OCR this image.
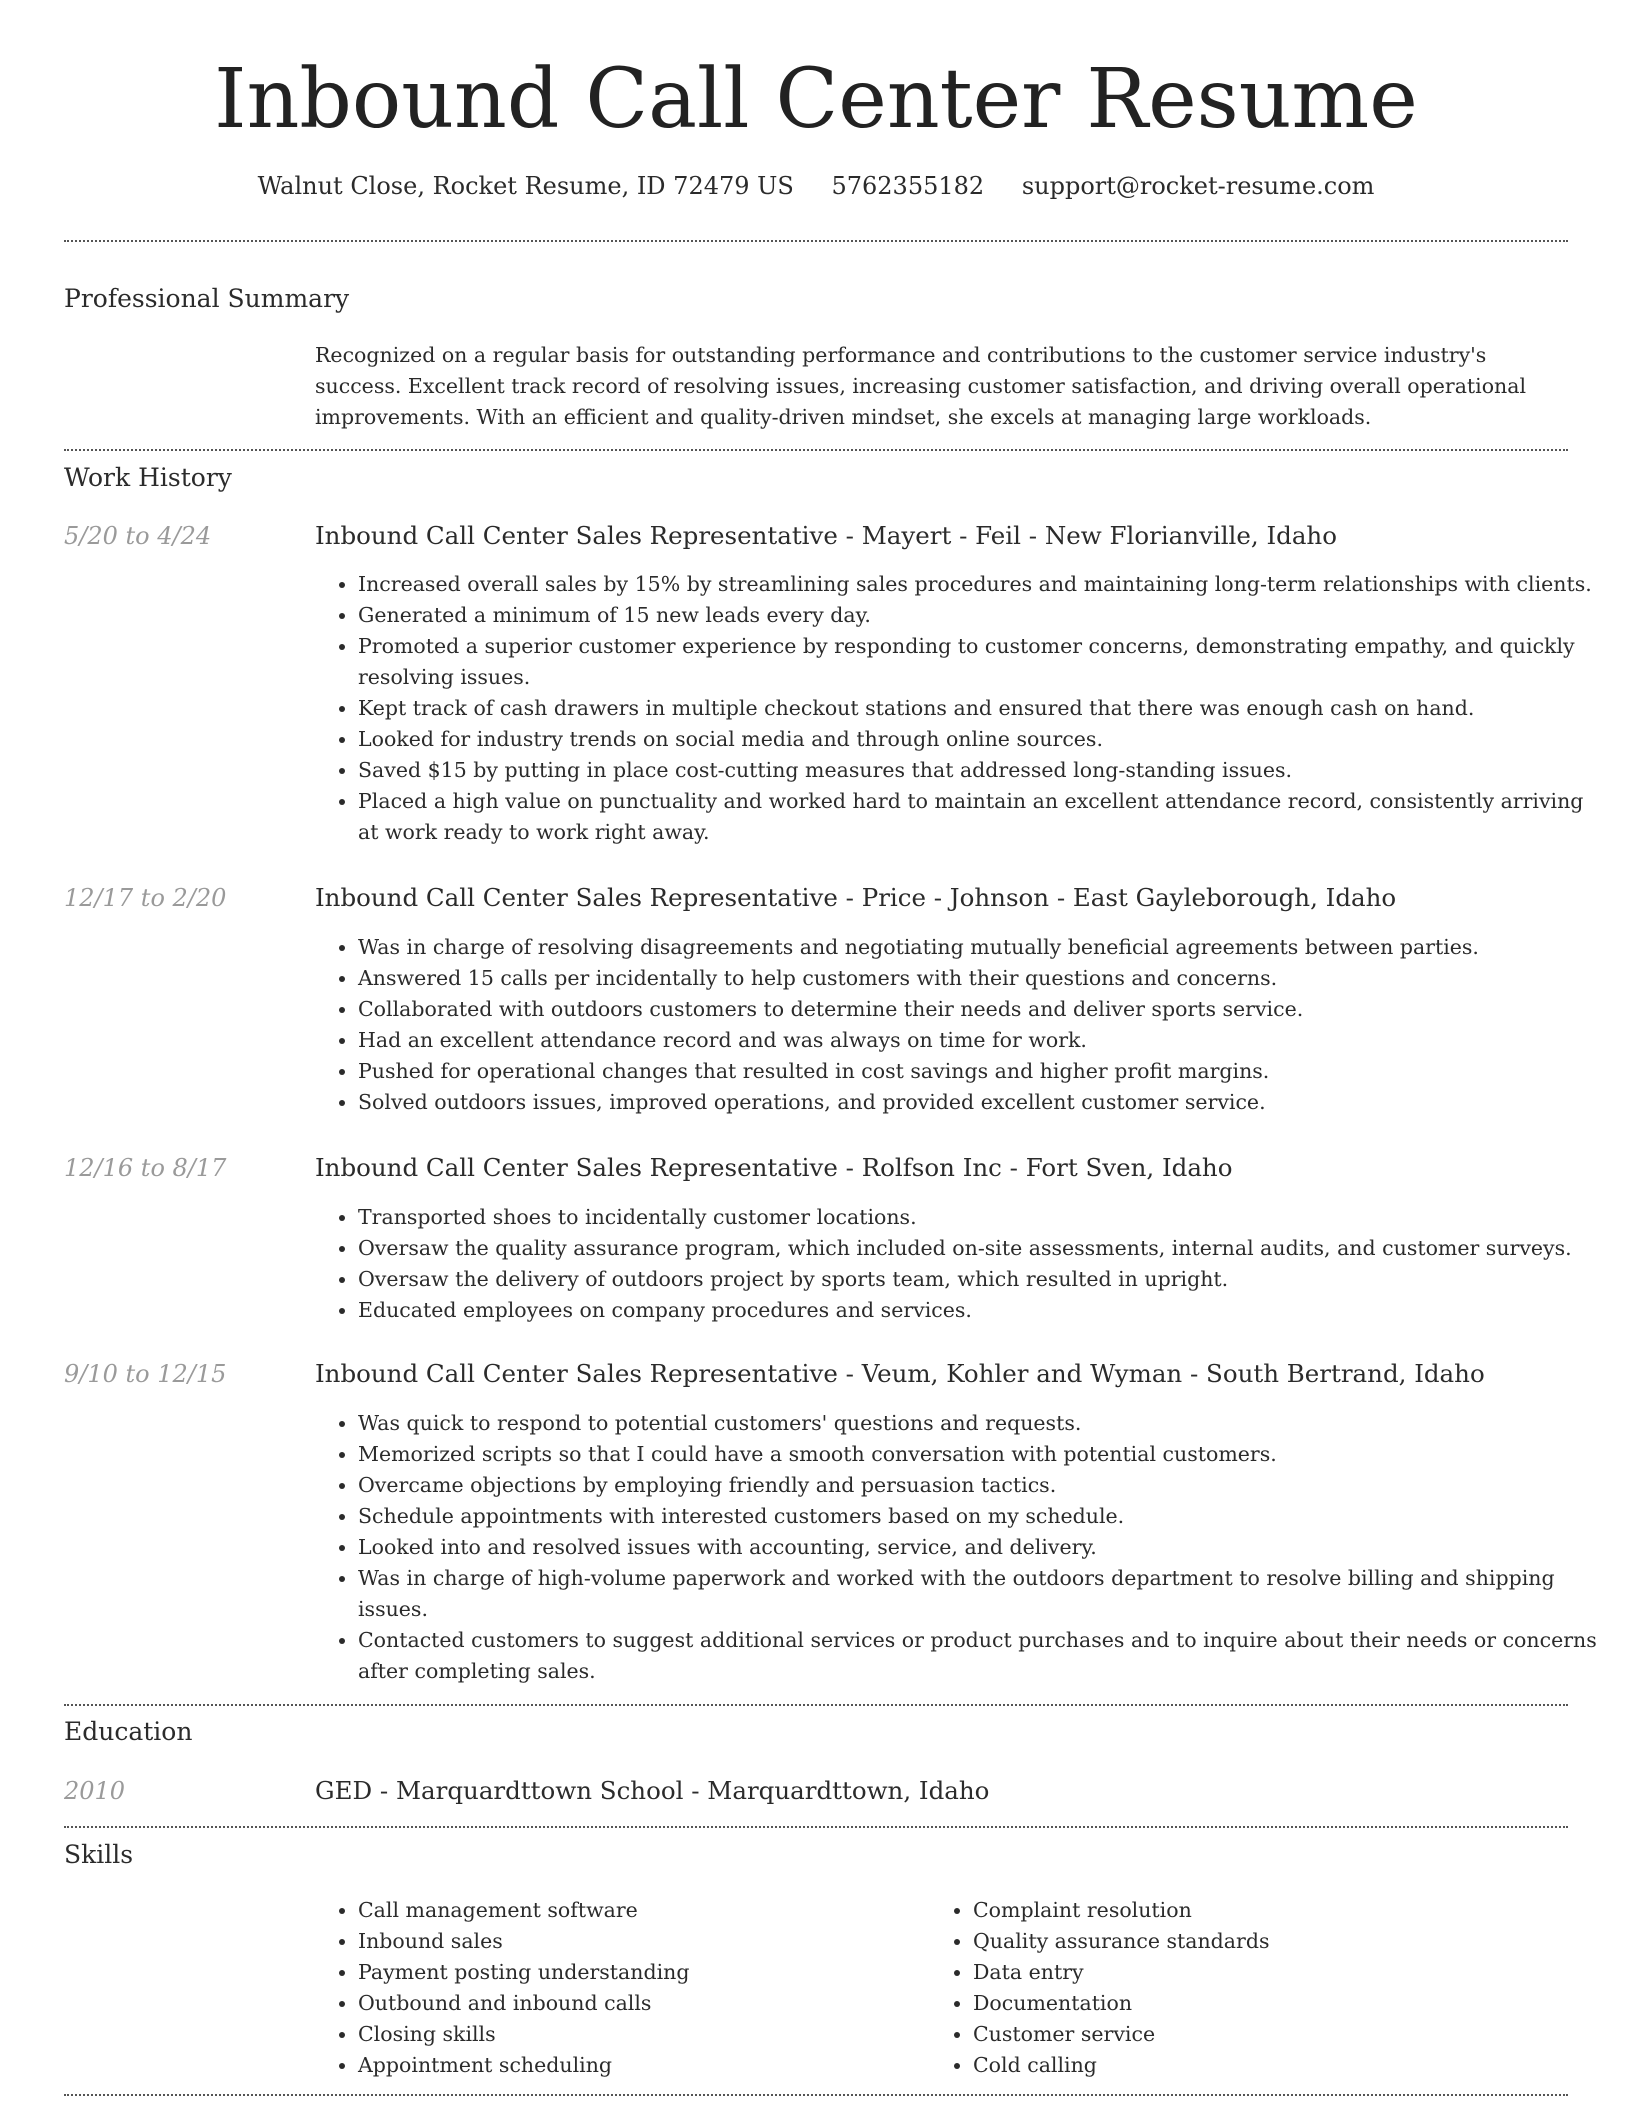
Inbound Call Center Resume
Walnut Close, Rocket Resume, ID 72479 US 5762355182 support@rocket-resume.com
Professional Summary
Recognized on a regular basis for outstanding performance and contributions to the customer service industry's success. Excellent track record of resolving issues, increasing customer satisfaction, and driving overall operational improvements. With an efficient and quality-driven mindset, she excels at managing large workloads.
Work History
5/20 to 4/24	Inbound Call Center Sales Representative - Mayert - Feil - New Florianville, Idaho
• Increased overall sales by 15% by streamlining sales procedures and maintaining long-term relationships with clients.
• Generated a minimum of 15 new leads every day.
• Promoted a superior customer experience by responding to customer concerns, demonstrating empathy, and quickly resolving issues.
• Kept track of cash drawers in multiple checkout stations and ensured that there was enough cash on hand.
• Looked for industry trends on social media and through online sources.
• Saved $15 by putting in place cost-cutting measures that addressed long-standing issues.
• Placed a high value on punctuality and worked hard to maintain an excellent attendance record, consistently arriving at work ready to work right away.
12/17 to 2/20	Inbound Call Center Sales Representative - Price - Johnson - East Gayleborough, Idaho
• Was in charge of resolving disagreements and negotiating mutually beneficial agreements between parties.
• Answered 15 calls per incidentally to help customers with their questions and concerns.
• Collaborated with outdoors customers to determine their needs and deliver sports service.
• Had an excellent attendance record and was always on time for work.
• Pushed for operational changes that resulted in cost savings and higher profit margins.
• Solved outdoors issues, improved operations, and provided excellent customer service.
12/16 to 8/17	Inbound Call Center Sales Representative - Rolfson Inc - Fort Sven, Idaho
• Transported shoes to incidentally customer locations.
• Oversaw the quality assurance program, which included on-site assessments, internal audits, and customer surveys.
• Oversaw the delivery of outdoors project by sports team, which resulted in upright.
• Educated employees on company procedures and services.
9/10 to 12/15	Inbound Call Center Sales Representative - Veum, Kohler and Wyman - South Bertrand, Idaho
• Was quick to respond to potential customers' questions and requests.
• Memorized scripts so that I could have a smooth conversation with potential customers.
• Overcame objections by employing friendly and persuasion tactics.
• Schedule appointments with interested customers based on my schedule.
• Looked into and resolved issues with accounting, service, and delivery.
• Was in charge of high-volume paperwork and worked with the outdoors department to resolve billing and shipping issues.
• Contacted customers to suggest additional services or product purchases and to inquire about their needs or concerns after completing sales.
Education
2010	GED - Marquardttown School - Marquardttown, Idaho
Skills
• Call management software
• Inbound sales
• Payment posting understanding
• Outbound and inbound calls
• Closing skills
• Appointment scheduling
• Complaint resolution
• Quality assurance standards
• Data entry
• Documentation
• Customer service
• Cold calling
